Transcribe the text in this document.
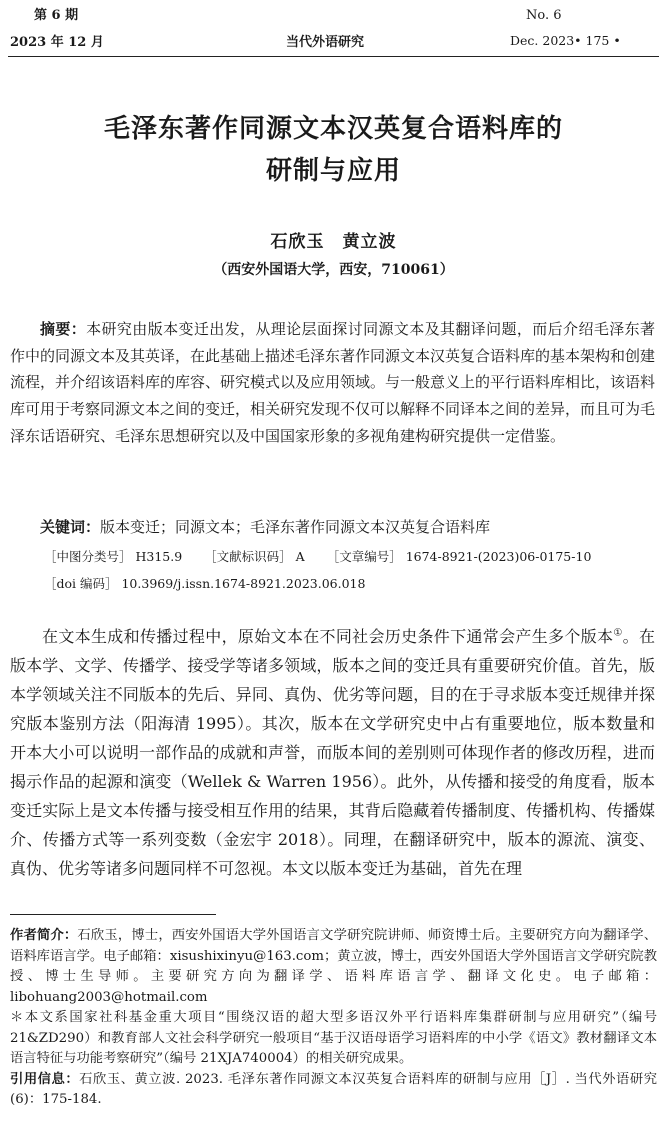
第 6 期
2023 年 12 月	当代外语研究
No. 6
Dec. 2023• 175 •
毛泽东著作同源文本汉英复合语料库的
研制与应用
石欣玉　黄立波
（西安外国语大学，西安，710061）

摘要：本研究由版本变迁出发，从理论层面探讨同源文本及其翻译问题，而后介绍毛泽东著作中的同源文本及其英译，在此基础上描述毛泽东著作同源文本汉英复合语料库的基本架构和创建流程，并介绍该语料库的库容、研究模式以及应用领域。与一般意义上的平行语料库相比，该语料库可用于考察同源文本之间的变迁，相关研究发现不仅可以解释不同译本之间的差异，而且可为毛泽东话语研究、毛泽东思想研究以及中国国家形象的多视角建构研究提供一定借鉴。

关键词：版本变迁；同源文本；毛泽东著作同源文本汉英复合语料库

［中图分类号］ H315.9 ［文献标识码］ A ［文章编号］ 1674-8921-(2023)06-0175-10
［doi 编码］ 10.3969/j.issn.1674-8921.2023.06.018

在文本生成和传播过程中，原始文本在不同社会历史条件下通常会产生多个版本①。在版本学、文学、传播学、接受学等诸多领域，版本之间的变迁具有重要研究价值。首先，版本学领域关注不同版本的先后、异同、真伪、优劣等问题，目的在于寻求版本变迁规律并探究版本鉴别方法（阳海清 1995）。其次，版本在文学研究史中占有重要地位，版本数量和开本大小可以说明一部作品的成就和声誉，而版本间的差别则可体现作者的修改历程，进而揭示作品的起源和演变（Wellek & Warren 1956）。此外，从传播和接受的角度看，版本变迁实际上是文本传播与接受相互作用的结果，其背后隐藏着传播制度、传播机构、传播媒介、传播方式等一系列变数（金宏宇 2018）。同理，在翻译研究中，版本的源流、演变、真伪、优劣等诸多问题同样不可忽视。本文以版本变迁为基础，首先在理

作者简介：石欣玉，博士，西安外国语大学外国语言文学研究院讲师、师资博士后。主要研究方向为翻译学、语料库语言学。电子邮箱：xisushixinyu@163.com；黄立波，博士，西安外国语大学外国语言文学研究院教授、博士生导师。主要研究方向为翻译学、语料库语言学、翻译文化史。电子邮箱：libohuang2003@hotmail.com

＊本文系国家社科基金重大项目“围绕汉语的超大型多语汉外平行语料库集群研制与应用研究”（编号 21&ZD290）和教育部人文社会科学研究一般项目“基于汉语母语学习语料库的中小学《语文》教材翻译文本语言特征与功能考察研究”（编号 21XJA740004）的相关研究成果。

引用信息：石欣玉、黄立波. 2023. 毛泽东著作同源文本汉英复合语料库的研制与应用［J］. 当代外语研究(6)：175-184.
